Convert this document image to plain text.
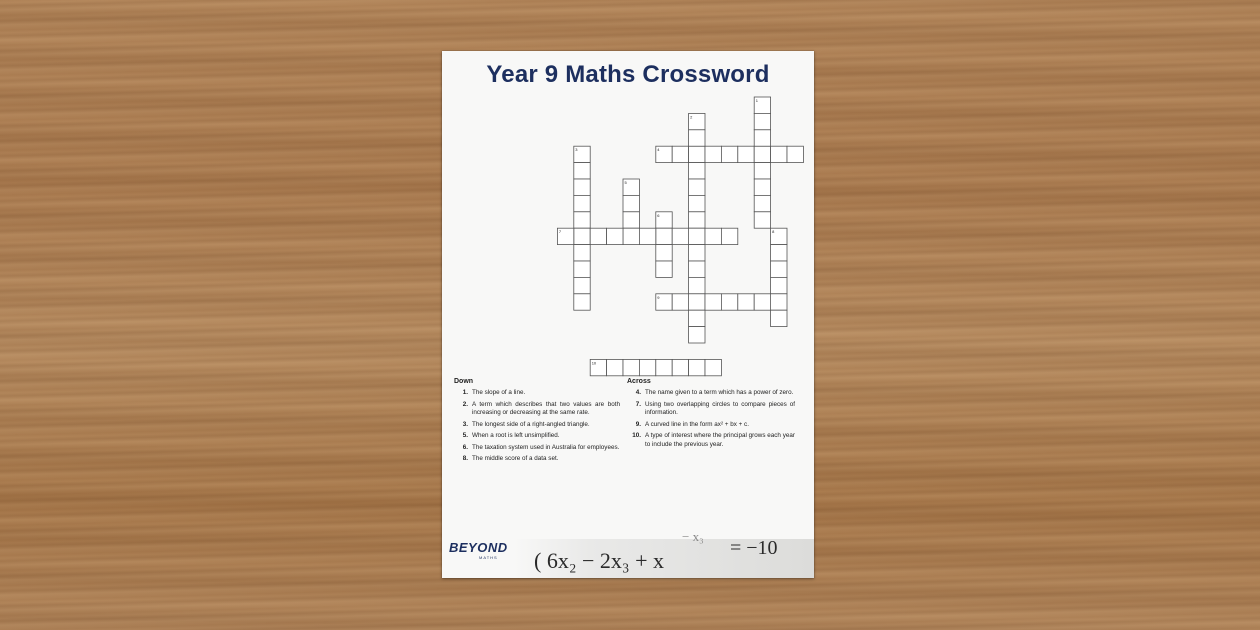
Year 9 Maths Crossword
1
2
3	4
5
6
7	8
9
10
Down
1. The slope of a line.
2. A term which describes that two values are both increasing or decreasing at the same rate.
3. The longest side of a right-angled triangle.
5. When a root is left unsimplified.
6. The taxation system used in Australia for employees.
8. The middle score of a data set.
Across
4. The name given to a term which has a power of zero.
7. Using two overlapping circles to compare pieces of information.
9. A curved line in the form ax² + bx + c.
10. A type of interest where the principal grows each year to include the previous year.
− x₃
= −10
( 6x₂ − 2x₃ + x
BEYOND
MATHS
